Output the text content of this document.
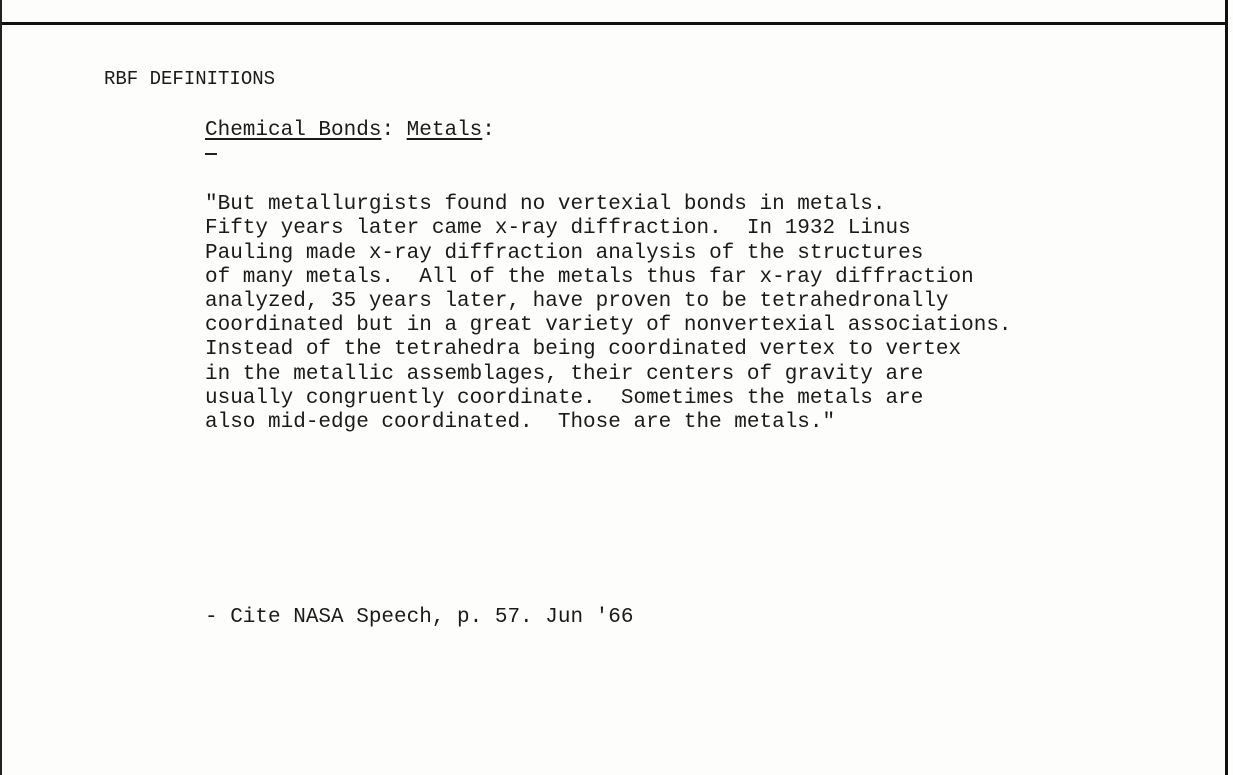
RBF DEFINITIONS
Chemical Bonds: Metals:

"But metallurgists found no vertexial bonds in metals.
Fifty years later came x-ray diffraction.  In 1932 Linus
Pauling made x-ray diffraction analysis of the structures
of many metals.  All of the metals thus far x-ray diffraction
analyzed, 35 years later, have proven to be tetrahedronally
coordinated but in a great variety of nonvertexial associations.
Instead of the tetrahedra being coordinated vertex to vertex
in the metallic assemblages, their centers of gravity are
usually congruently coordinate.  Sometimes the metals are
also mid-edge coordinated.  Those are the metals."

- Cite NASA Speech, p. 57. Jun '66
